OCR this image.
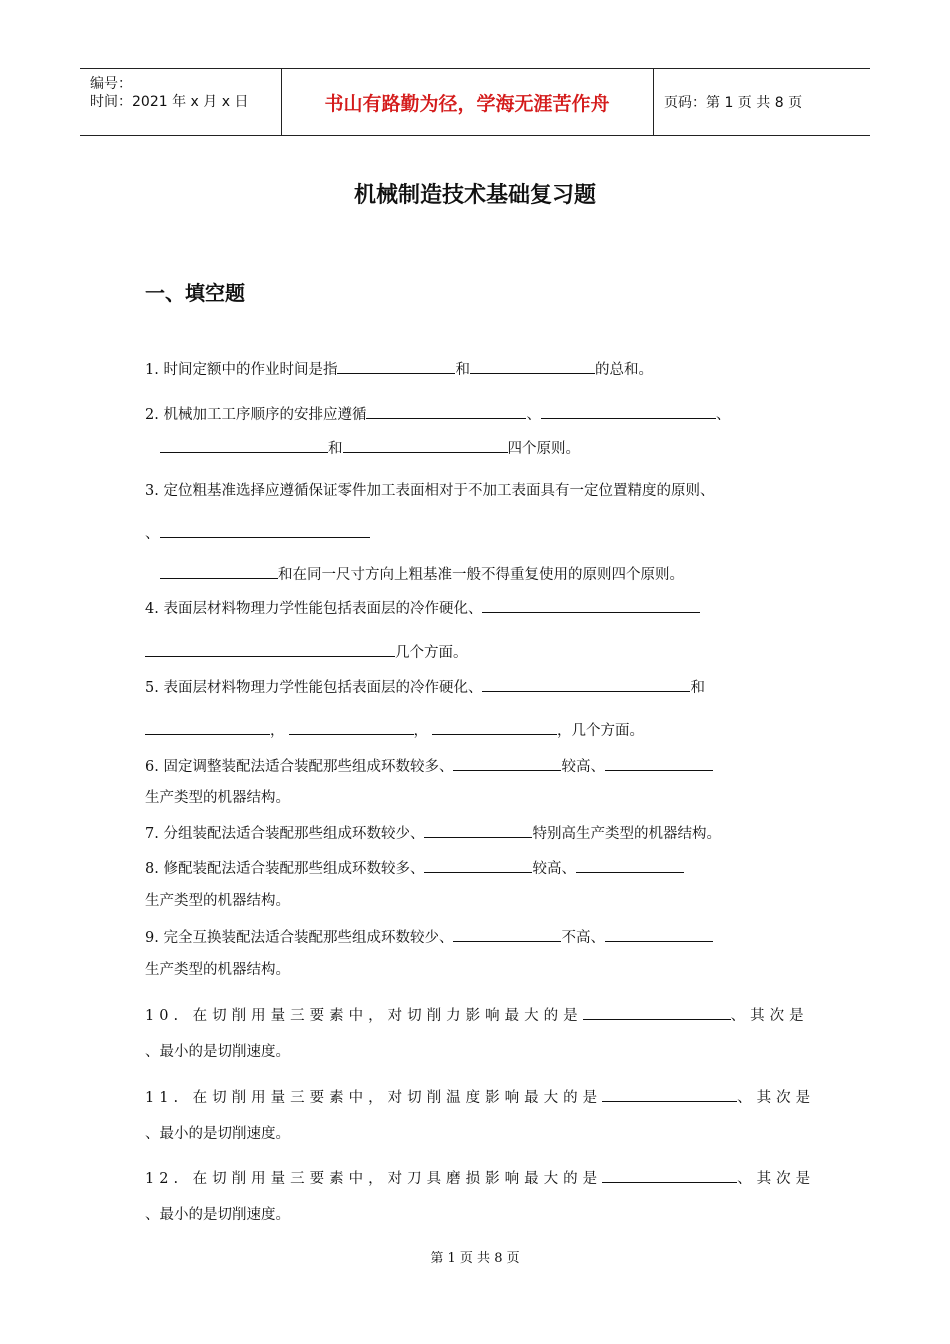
编号：
时间：2021 年 x 月 x 日	书山有路勤为径，学海无涯苦作舟	页码：第 1 页 共 8 页
机械制造技术基础复习题
一、填空题
1. 时间定额中的作业时间是指	和	的总和。
2. 机械加工工序顺序的安排应遵循	、	、
和	四个原则。
3. 定位粗基准选择应遵循保证零件加工表面相对于不加工表面具有一定位置精度的原则、
、
和在同一尺寸方向上粗基准一般不得重复使用的原则四个原则。
4. 表面层材料物理力学性能包括表面层的冷作硬化、
几个方面。
5. 表面层材料物理力学性能包括表面层的冷作硬化、	和
，	，	，几个方面。
6. 固定调整装配法适合装配那些组成环数较多、	较高、
生产类型的机器结构。
7. 分组装配法适合装配那些组成环数较少、	特别高生产类型的机器结构。
8. 修配装配法适合装配那些组成环数较多、	较高、
生产类型的机器结构。
9. 完全互换装配法适合装配那些组成环数较少、	不高、
生产类型的机器结构。
10. 在切削用量三要素中，对切削力影响最大的是	、其次是
、最小的是切削速度。
11. 在切削用量三要素中，对切削温度影响最大的是	、其次是
、最小的是切削速度。
12. 在切削用量三要素中，对刀具磨损影响最大的是	、其次是
、最小的是切削速度。
第 1 页 共 8 页
